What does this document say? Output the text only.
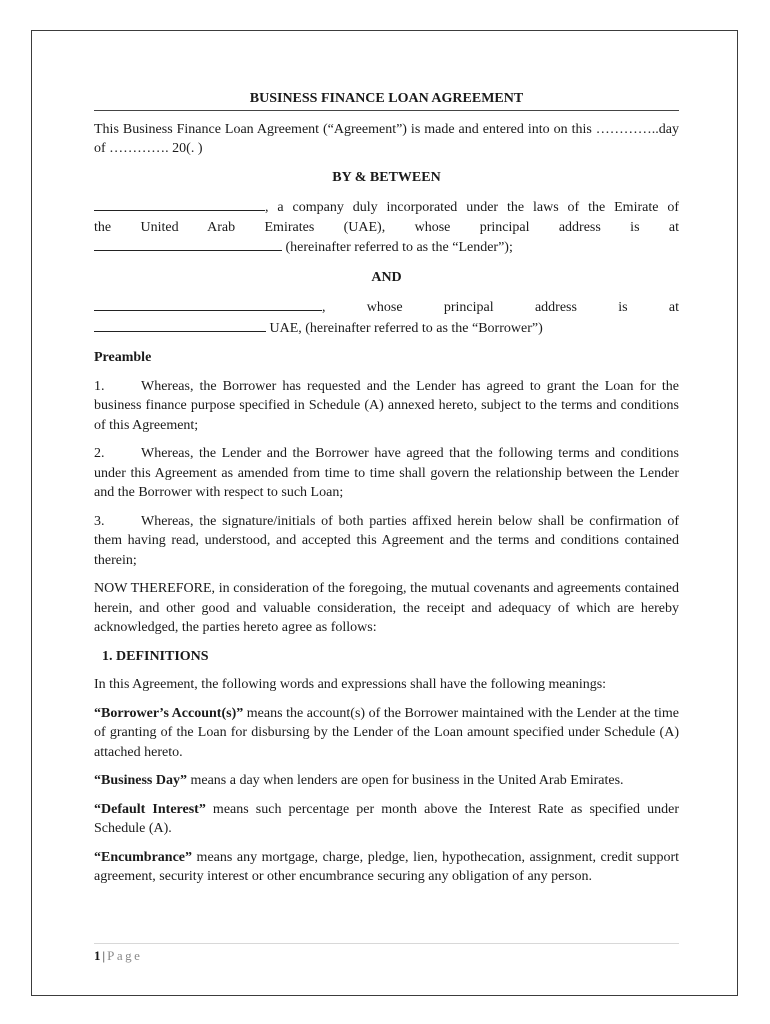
BUSINESS FINANCE LOAN AGREEMENT

This Business Finance Loan Agreement (“Agreement”) is made and entered into on this …………..day of …………. 20(. )

BY & BETWEEN
, a company duly incorporated under the laws of the Emirate of
the United Arab Emirates (UAE), whose principal address is at
(hereinafter referred to as the “Lender”);
AND
, whose principal address is at
UAE, (hereinafter referred to as the “Borrower”)
Preamble

1.	Whereas, the Borrower has requested and the Lender has agreed to grant the Loan for the business finance purpose specified in Schedule (A) annexed hereto, subject to the terms and conditions of this Agreement;

2.	Whereas, the Lender and the Borrower have agreed that the following terms and conditions under this Agreement as amended from time to time shall govern the relationship between the Lender and the Borrower with respect to such Loan;

3.	Whereas, the signature/initials of both parties affixed herein below shall be confirmation of them having read, understood, and accepted this Agreement and the terms and conditions contained therein;

NOW THEREFORE, in consideration of the foregoing, the mutual covenants and agreements contained herein, and other good and valuable consideration, the receipt and adequacy of which are hereby acknowledged, the parties hereto agree as follows:

1. DEFINITIONS

In this Agreement, the following words and expressions shall have the following meanings:

“Borrower’s Account(s)” means the account(s) of the Borrower maintained with the Lender at the time of granting of the Loan for disbursing by the Lender of the Loan amount specified under Schedule (A) attached hereto.

“Business Day” means a day when lenders are open for business in the United Arab Emirates.

“Default Interest” means such percentage per month above the Interest Rate as specified under Schedule (A).

“Encumbrance” means any mortgage, charge, pledge, lien, hypothecation, assignment, credit support agreement, security interest or other encumbrance securing any obligation of any person.

1 | Page
